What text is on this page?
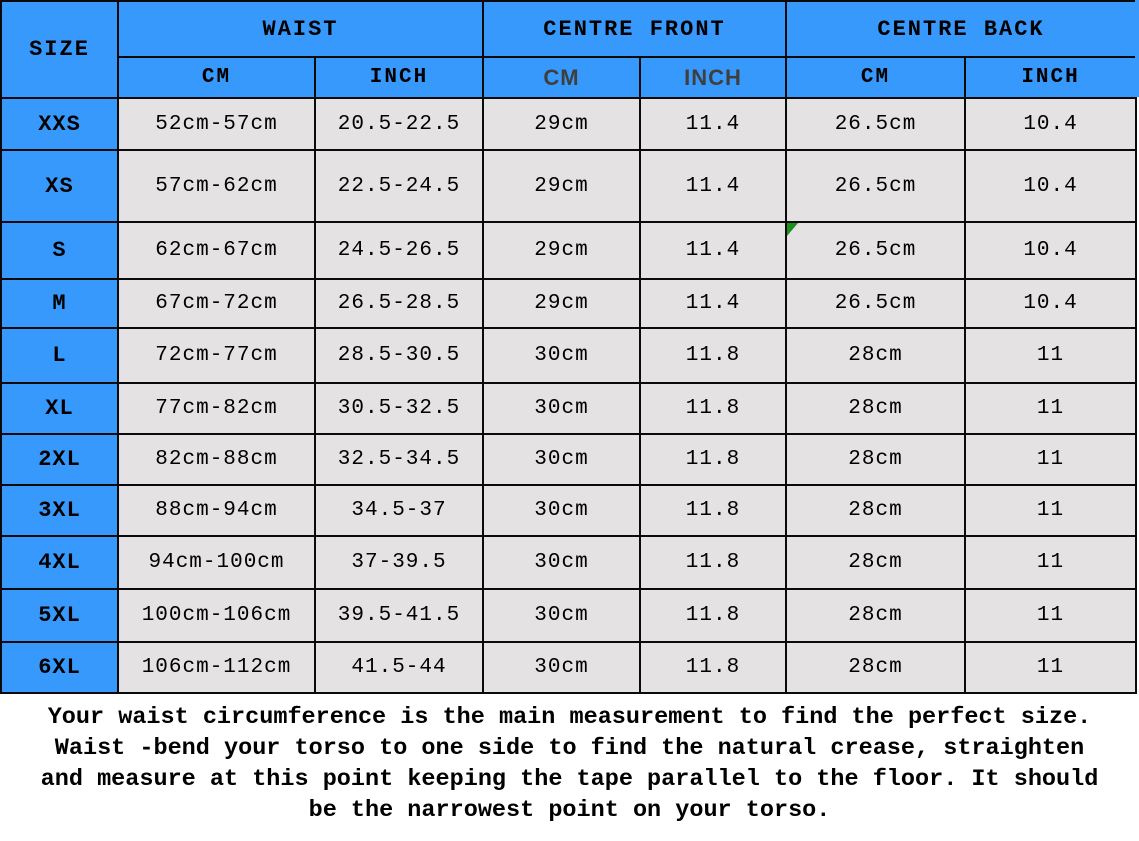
SIZE	WAIST		CENTRE FRONT		CENTRE BACK	
	CM	INCH	CM	INCH	CM	INCH
XXS	52cm-57cm	20.5-22.5	29cm	11.4	26.5cm	10.4
XS	57cm-62cm	22.5-24.5	29cm	11.4	26.5cm	10.4
S	62cm-67cm	24.5-26.5	29cm	11.4	26.5cm	10.4
M	67cm-72cm	26.5-28.5	29cm	11.4	26.5cm	10.4
L	72cm-77cm	28.5-30.5	30cm	11.8	28cm	11
XL	77cm-82cm	30.5-32.5	30cm	11.8	28cm	11
2XL	82cm-88cm	32.5-34.5	30cm	11.8	28cm	11
3XL	88cm-94cm	34.5-37	30cm	11.8	28cm	11
4XL	94cm-100cm	37-39.5	30cm	11.8	28cm	11
5XL	100cm-106cm	39.5-41.5	30cm	11.8	28cm	11
6XL	106cm-112cm	41.5-44	30cm	11.8	28cm	11
Your waist circumference is the main measurement to find the perfect size.
Waist -bend your torso to one side to find the natural crease, straighten
and measure at this point keeping the tape parallel to the floor. It should
be the narrowest point on your torso.
